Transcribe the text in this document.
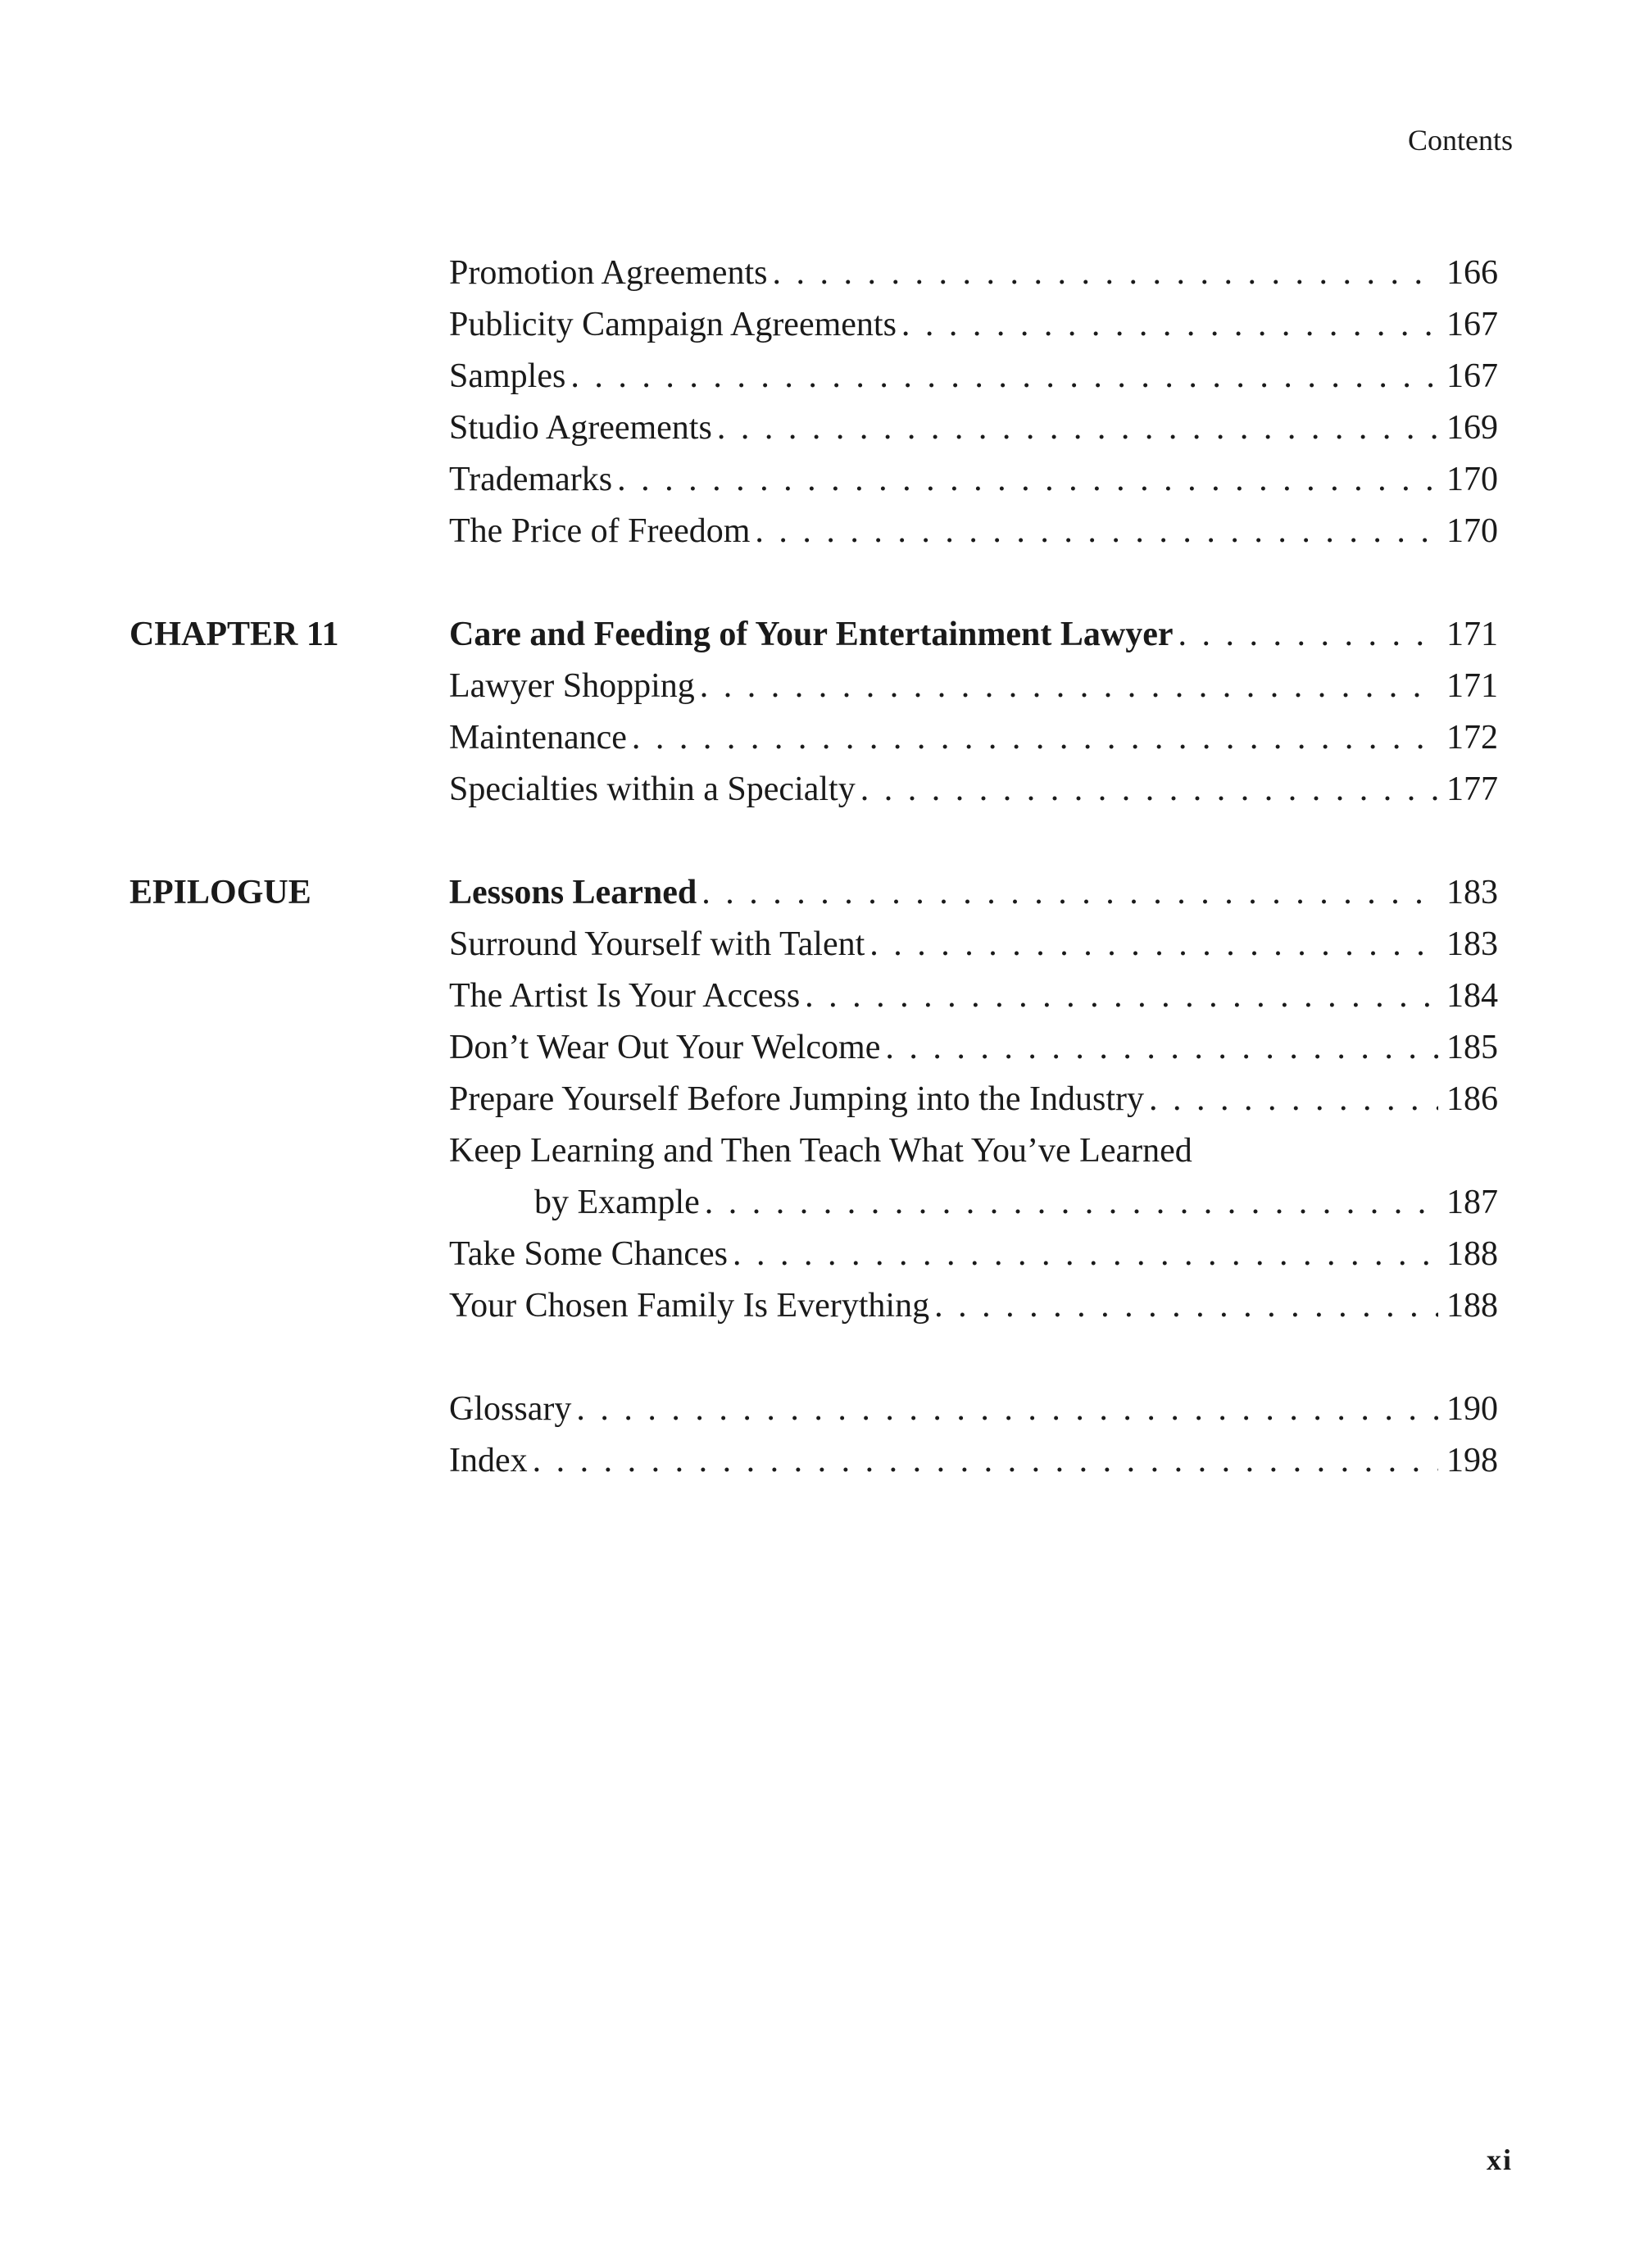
Contents
Promotion Agreements . . .	166
Publicity Campaign Agreements . . .	167
Samples . . .	167
Studio Agreements . . .	169
Trademarks . . .	170
The Price of Freedom . . .	170
CHAPTER 11	Care and Feeding of Your Entertainment Lawyer . . .	171
Lawyer Shopping . . .	171
Maintenance . . .	172
Specialties within a Specialty . . .	177
EPILOGUE	Lessons Learned . . .	183
Surround Yourself with Talent . . .	183
The Artist Is Your Access . . .	184
Don’t Wear Out Your Welcome . . .	185
Prepare Yourself Before Jumping into the Industry . . .	186
Keep Learning and Then Teach What You’ve Learned
by Example . . .	187
Take Some Chances . . .	188
Your Chosen Family Is Everything . . .	188
Glossary . . .	190
Index . . .	198
xi
